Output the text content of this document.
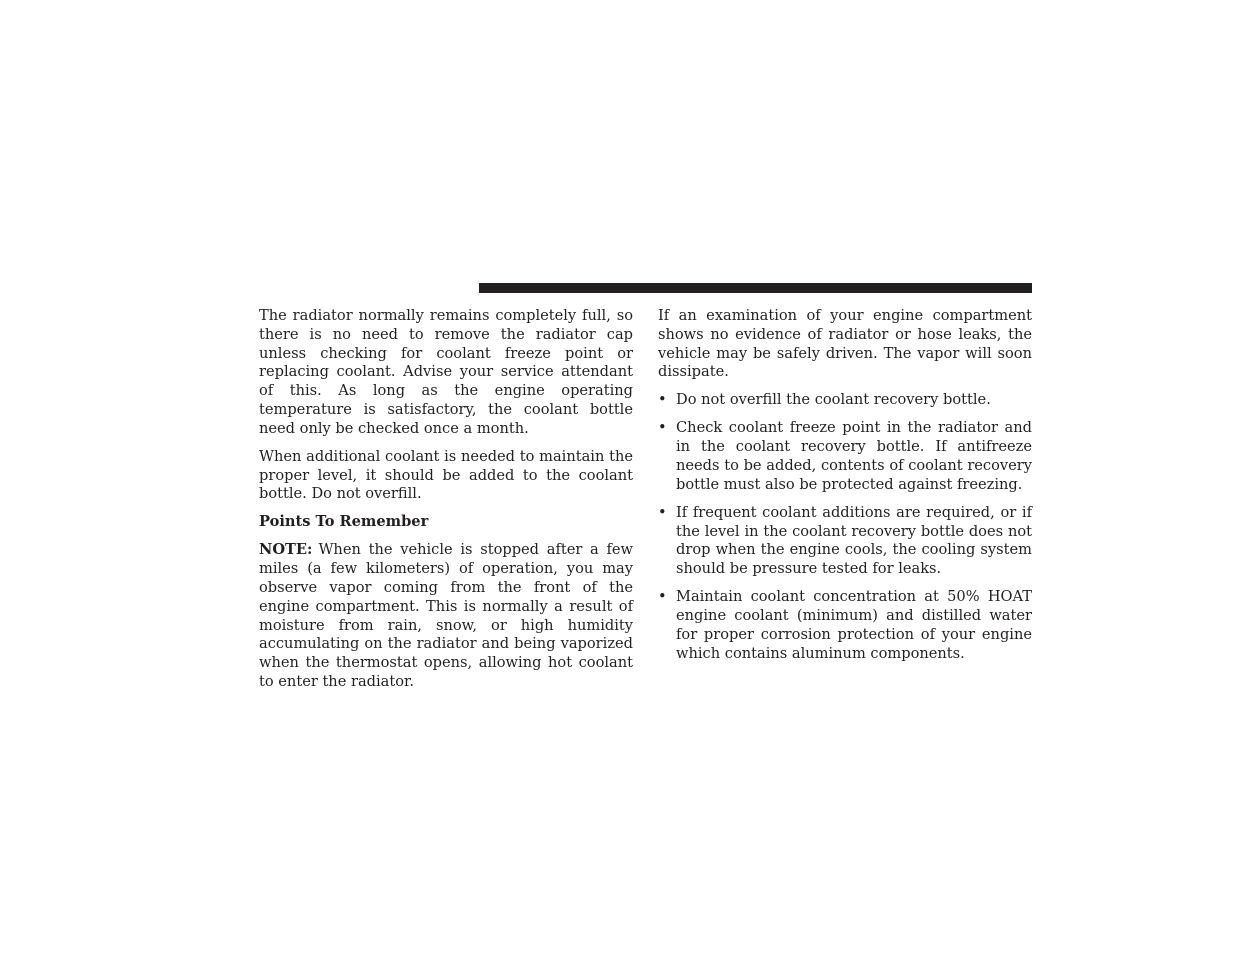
The radiator normally remains completely full, so there is no need to remove the radiator cap unless checking for coolant freeze point or replacing coolant. Advise your service attendant of this. As long as the engine operating temperature is satisfactory, the coolant bottle need only be checked once a month.

When additional coolant is needed to maintain the proper level, it should be added to the coolant bottle. Do not overfill.

Points To Remember

NOTE: When the vehicle is stopped after a few miles (a few kilometers) of operation, you may observe vapor coming from the front of the engine compartment. This is normally a result of moisture from rain, snow, or high humidity accumulating on the radiator and being vaporized when the thermostat opens, allowing hot coolant to enter the radiator.

If an examination of your engine compartment shows no evidence of radiator or hose leaks, the vehicle may be safely driven. The vapor will soon dissipate.

• Do not overfill the coolant recovery bottle.
• Check coolant freeze point in the radiator and in the coolant recovery bottle. If antifreeze needs to be added, contents of coolant recovery bottle must also be protected against freezing.
• If frequent coolant additions are required, or if the level in the coolant recovery bottle does not drop when the engine cools, the cooling system should be pressure tested for leaks.
• Maintain coolant concentration at 50% HOAT engine coolant (minimum) and distilled water for proper corrosion protection of your engine which contains aluminum components.
